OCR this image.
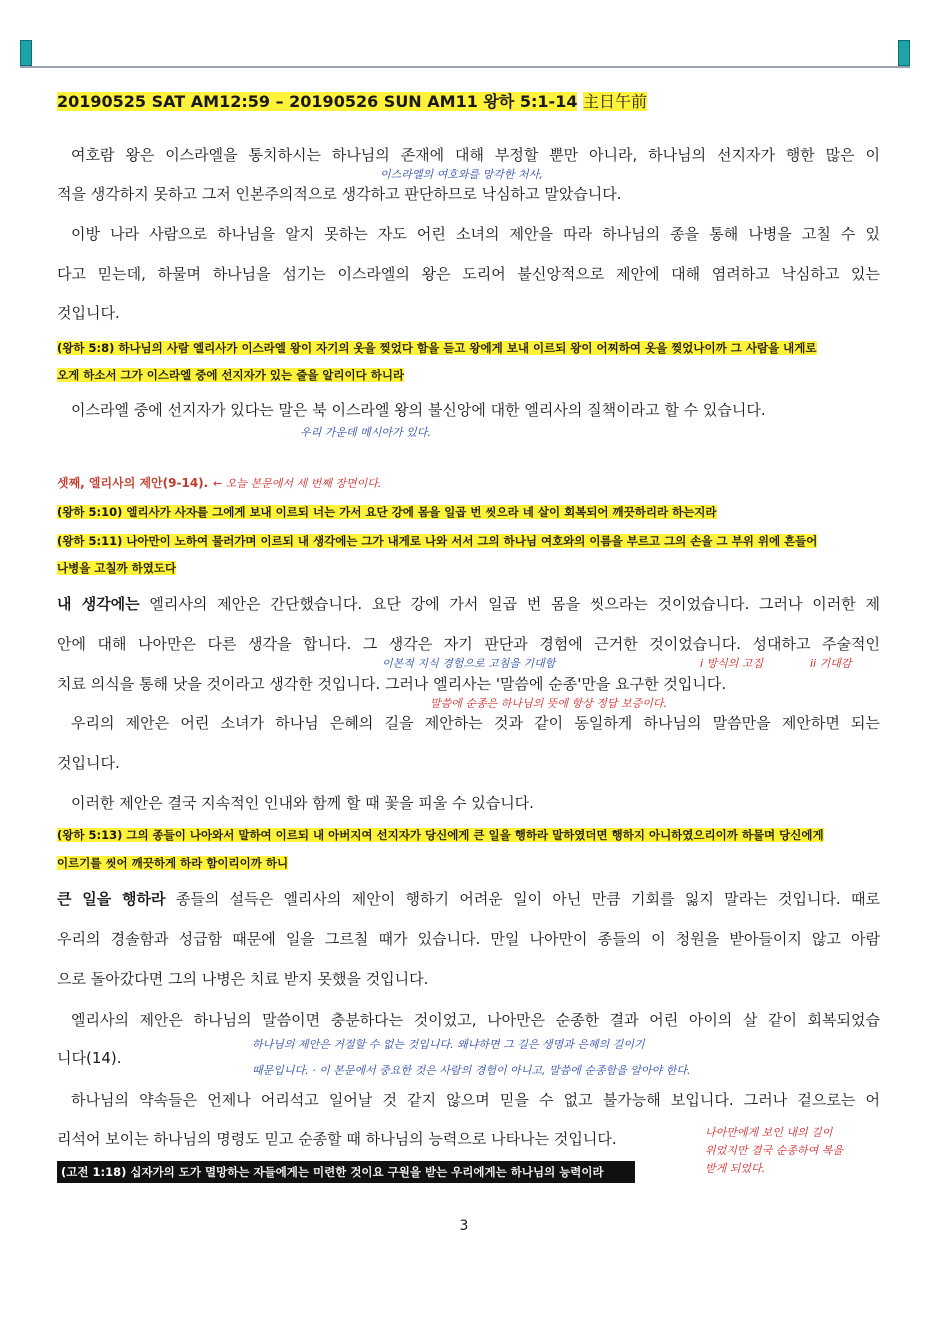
20190525 SAT AM12:59 – 20190526 SUN AM11 왕하 5:1-14 主日午前
여호람 왕은 이스라엘을 통치하시는 하나님의 존재에 대해 부정할 뿐만 아니라, 하나님의 선지자가 행한 많은 이
이스라엘의 여호와를 망각한 처사,
적을 생각하지 못하고 그저 인본주의적으로 생각하고 판단하므로 낙심하고 말았습니다.
이방 나라 사람으로 하나님을 알지 못하는 자도 어린 소녀의 제안을 따라 하나님의 종을 통해 나병을 고칠 수 있
다고 믿는데, 하물며 하나님을 섬기는 이스라엘의 왕은 도리어 불신앙적으로 제안에 대해 염려하고 낙심하고 있는
것입니다.
(왕하 5:8) 하나님의 사람 엘리사가 이스라엘 왕이 자기의 옷을 찢었다 함을 듣고 왕에게 보내 이르되 왕이 어찌하여 옷을 찢었나이까 그 사람을 내게로
오게 하소서 그가 이스라엘 중에 선지자가 있는 줄을 알리이다 하니라
이스라엘 중에 선지자가 있다는 말은 북 이스라엘 왕의 불신앙에 대한 엘리사의 질책이라고 할 수 있습니다.
우리 가운데 메시아가 있다.
셋째, 엘리사의 제안(9-14). ← 오늘 본문에서 세 번째 장면이다.
(왕하 5:10) 엘리사가 사자를 그에게 보내 이르되 너는 가서 요단 강에 몸을 일곱 번 씻으라 네 살이 회복되어 깨끗하리라 하는지라
(왕하 5:11) 나아만이 노하여 물러가며 이르되 내 생각에는 그가 내게로 나와 서서 그의 하나님 여호와의 이름을 부르고 그의 손을 그 부위 위에 흔들어
나병을 고칠까 하였도다
내 생각에는 엘리사의 제안은 간단했습니다. 요단 강에 가서 일곱 번 몸을 씻으라는 것이었습니다. 그러나 이러한 제
안에 대해 나아만은 다른 생각을 합니다. 그 생각은 자기 판단과 경험에 근거한 것이었습니다. 성대하고 주술적인
이본적 지식 경험으로 고침을 기대함	i 방식의 고집	ii 기대감
치료 의식을 통해 낫을 것이라고 생각한 것입니다. 그러나 엘리사는 '말씀에 순종'만을 요구한 것입니다.
말씀에 순종은 하나님의 뜻에 항상 정답 보증이다.
우리의 제안은 어린 소녀가 하나님 은혜의 길을 제안하는 것과 같이 동일하게 하나님의 말씀만을 제안하면 되는
것입니다.
이러한 제안은 결국 지속적인 인내와 함께 할 때 꽃을 피울 수 있습니다.
(왕하 5:13) 그의 종들이 나아와서 말하여 이르되 내 아버지여 선지자가 당신에게 큰 일을 행하라 말하였더면 행하지 아니하였으리이까 하물며 당신에게
이르기를 씻어 깨끗하게 하라 함이리이까 하니
큰 일을 행하라 종들의 설득은 엘리사의 제안이 행하기 어려운 일이 아닌 만큼 기회를 잃지 말라는 것입니다. 때로
우리의 경솔함과 성급함 때문에 일을 그르칠 때가 있습니다. 만일 나아만이 종들의 이 청원을 받아들이지 않고 아람
으로 돌아갔다면 그의 나병은 치료 받지 못했을 것입니다.
엘리사의 제안은 하나님의 말씀이면 충분하다는 것이었고, 나아만은 순종한 결과 어린 아이의 살 같이 회복되었습
니다(14).
하나님의 제안은 거절할 수 없는 것입니다. 왜냐하면 그 길은 생명과 은혜의 길이기
때문입니다. · 이 본문에서 중요한 것은 사람의 경험이 아니고, 말씀에 순종함을 알아야 한다.
하나님의 약속들은 언제나 어리석고 일어날 것 같지 않으며 믿을 수 없고 불가능해 보입니다. 그러나 겉으로는 어
리석어 보이는 하나님의 명령도 믿고 순종할 때 하나님의 능력으로 나타나는 것입니다.	나아만에게 보인 내의 길이
위었지만 결국 순종하여 복을
받게 되었다.
(고전 1:18) 십자가의 도가 멸망하는 자들에게는 미련한 것이요 구원을 받는 우리에게는 하나님의 능력이라
3
